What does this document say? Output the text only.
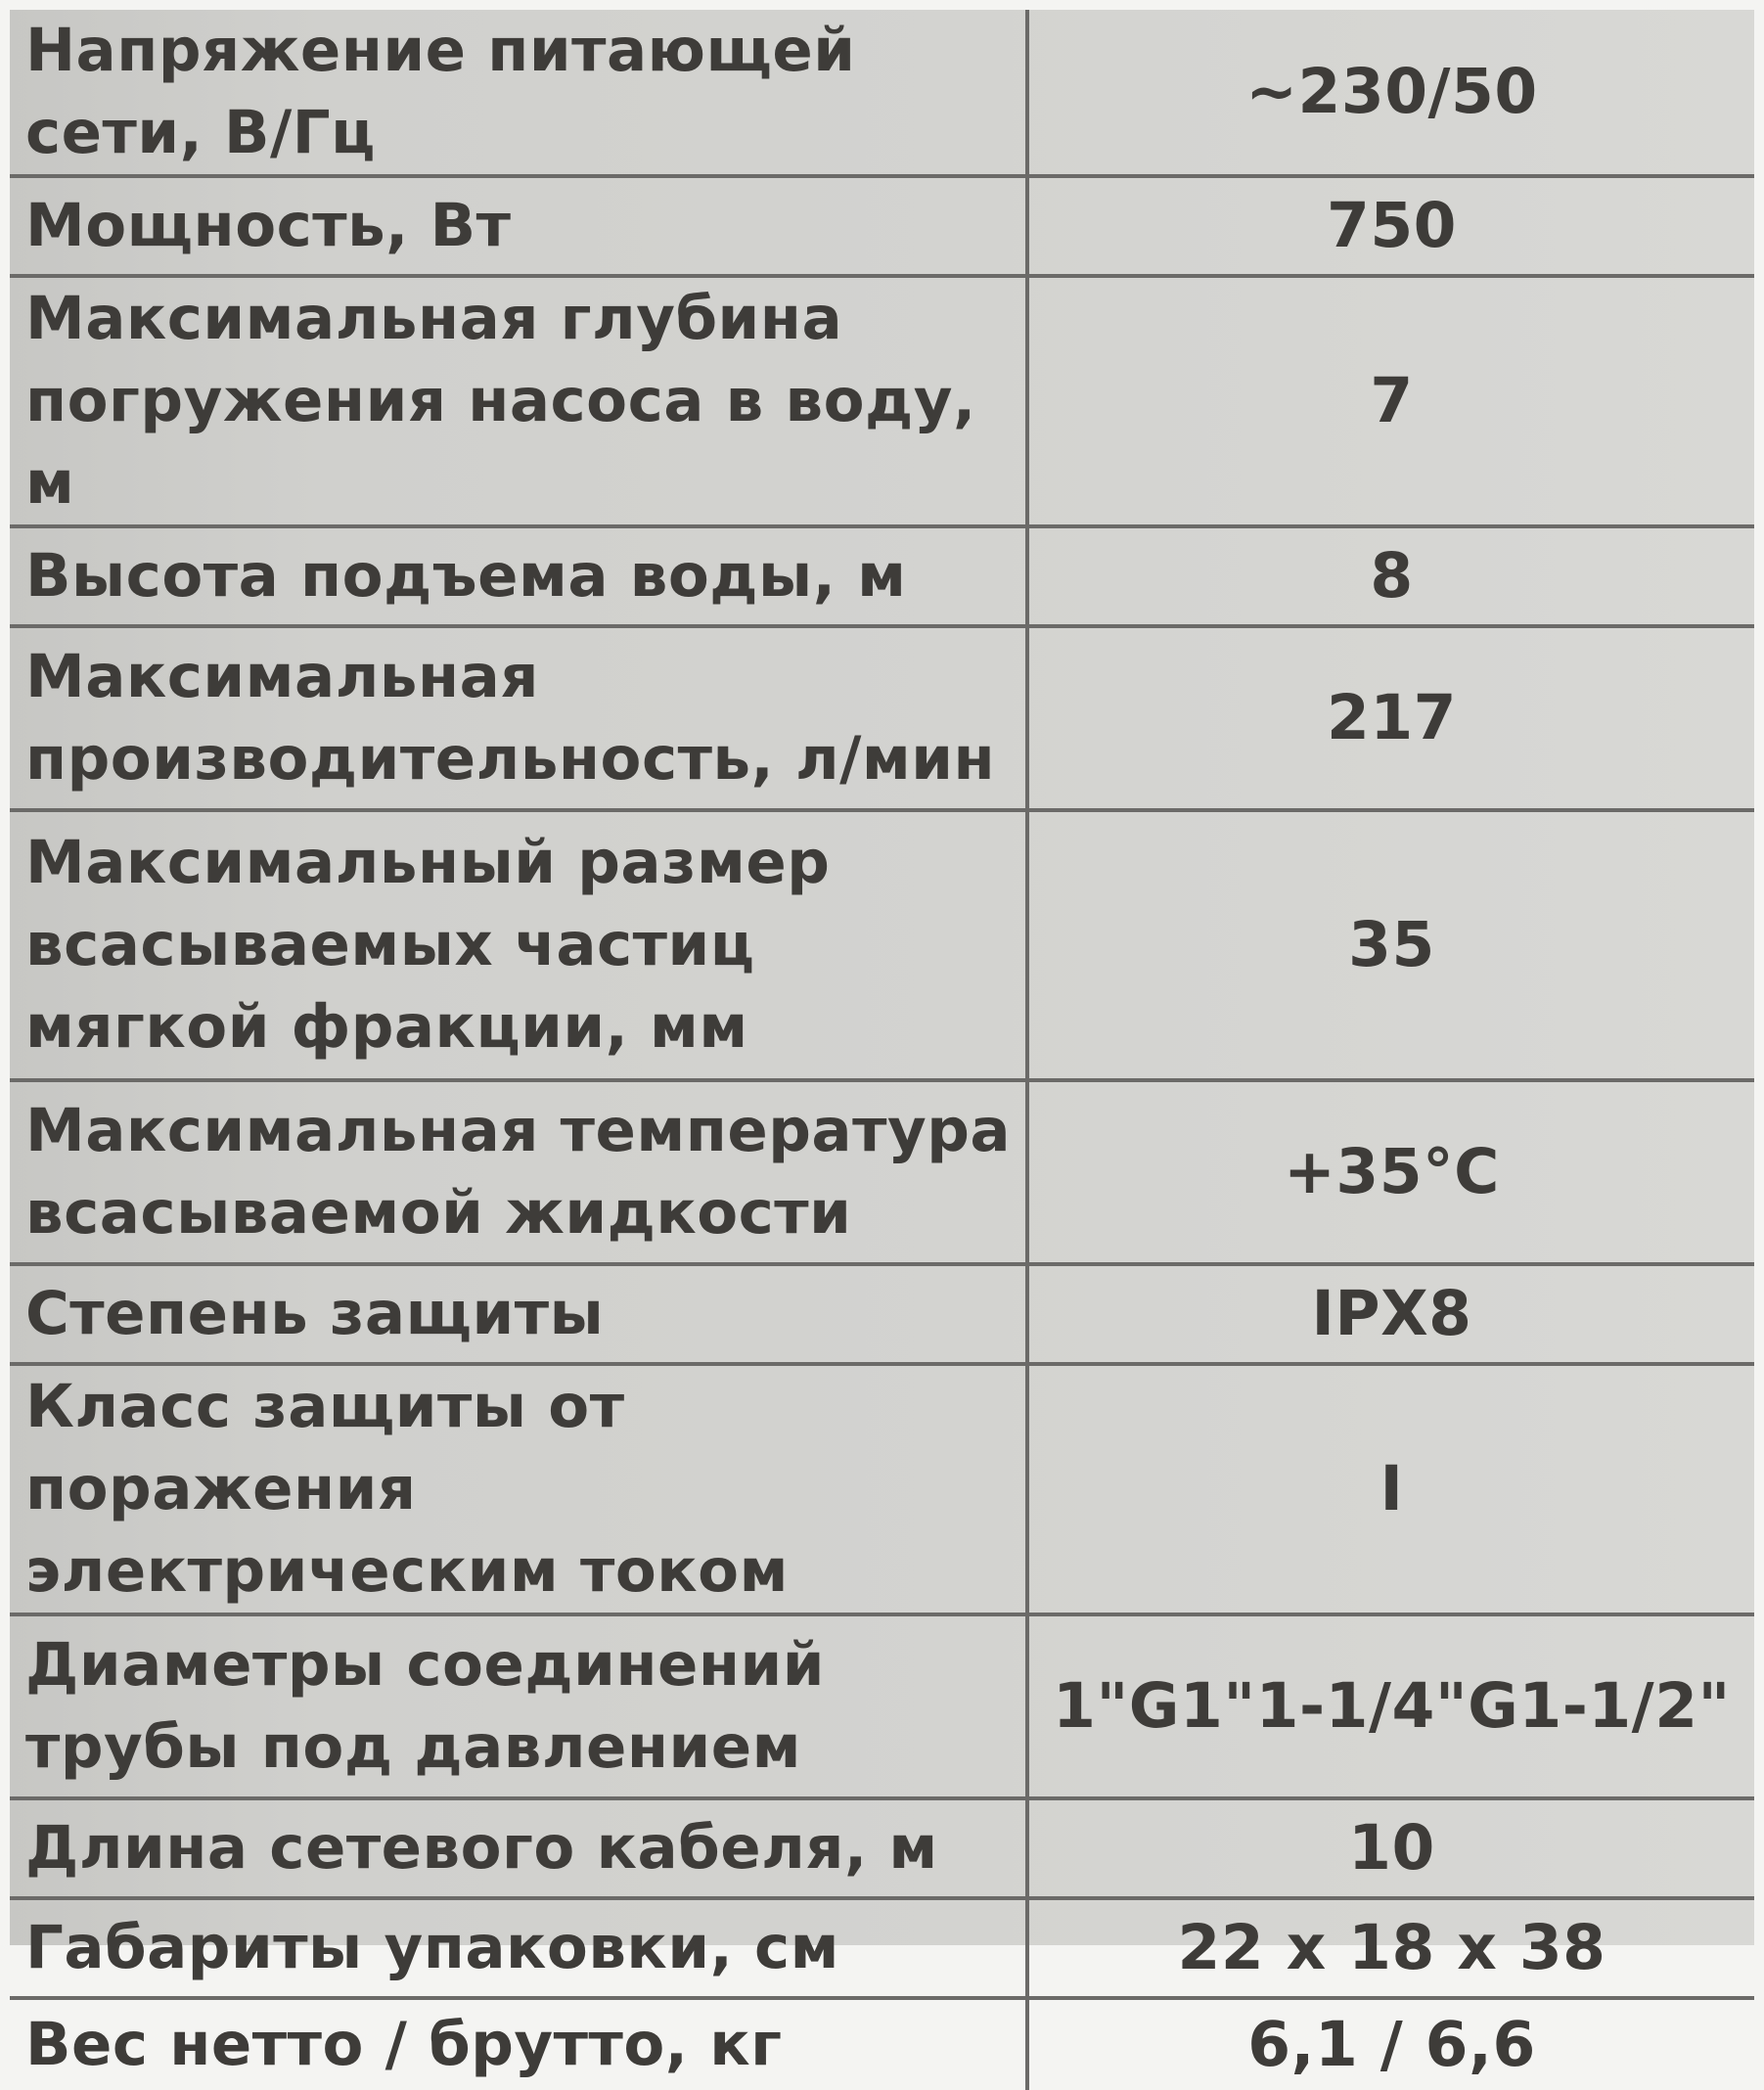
Напряжение питающей
сети, В/Гц	~230/50
Мощность, Вт	750
Максимальная глубина
погружения насоса в воду, м	7
Высота подъема воды, м	8
Максимальная
производительность, л/мин	217
Максимальный размер
всасываемых частиц
мягкой фракции, мм	35
Максимальная температура
всасываемой жидкости	+35°C
Степень защиты	IPX8
Класс защиты от поражения
электрическим током	I
Диаметры соединений
трубы под давлением	1"G1"1-1/4"G1-1/2"
Длина сетевого кабеля, м	10
Габариты упаковки, см	22 x 18 x 38
Вес нетто / брутто, кг	6,1 / 6,6
